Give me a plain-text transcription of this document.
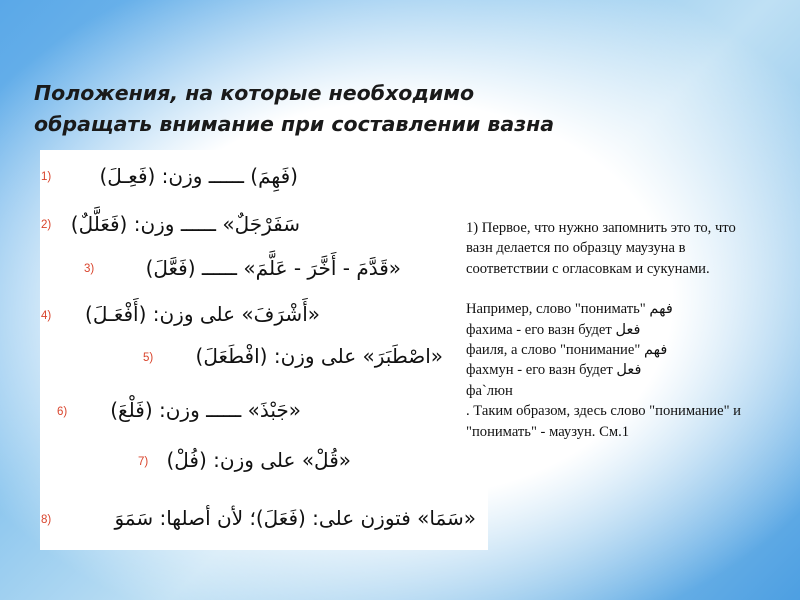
Положения, на которые необходимо
обращать внимание при составлении вазна
1) (فَهِمَ) ــــــ وزن: (فَعِـلَ)
2) سَفَرْجَلٌ» ــــــ وزن: (فَعَلَّلٌ)
3)	«قَدَّمَ - أَخَّرَ - عَلَّمَ» ــــــ (فَعَّلَ)
4) «أَشْرَفَ» على وزن: (أَفْعَـلَ)
5) «اصْطَبَرَ» على وزن: (افْطَعَلَ)
6) «جَبْذَ» ــــــ وزن: (فَلْعَ)
7) «قُلْ» على وزن: (فُلْ)
8)	«سَمَا» فتوزن على: (فَعَلَ)؛ لأن أصلها: سَمَوَ

1) Первое, что нужно запомнить это то, что вазн делается по образцу маузуна в соответствии с огласовкам и сукунами.

Например, слово "понимать" فهم
фахима - его вазн будет فعل
фаиля, а слово "понимание" فهم
фахмун - его вазн будет فعل
фа`люн
. Таким образом, здесь слово "понимание" и "понимать" - маузун. См.1
